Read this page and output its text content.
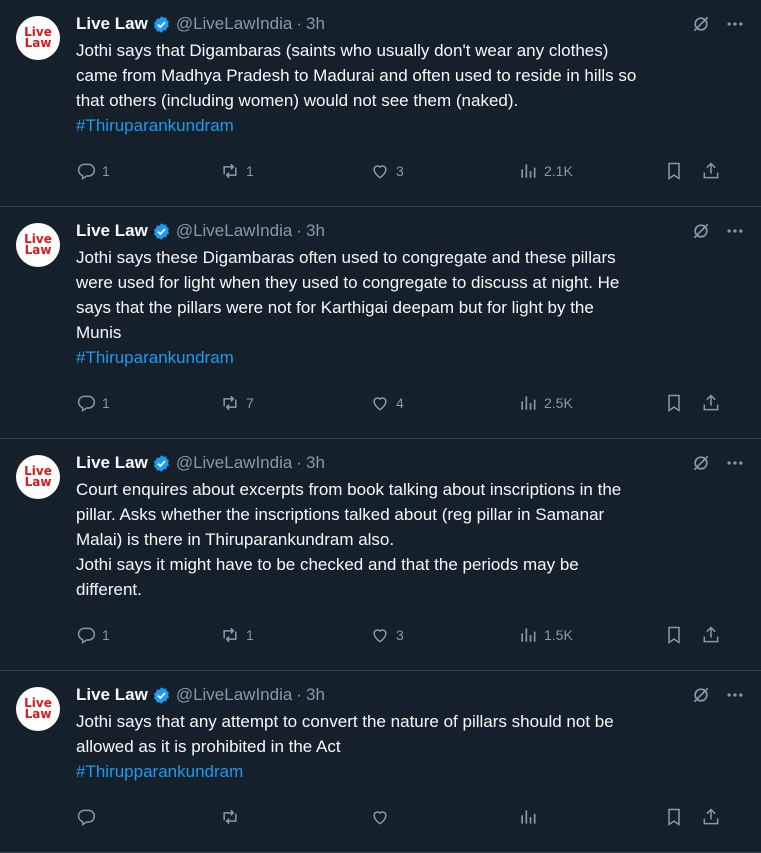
Live
Law
Live Law @LiveLawIndia · 3h
Jothi says that Digambaras (saints who usually don't wear any clothes)
came from Madhya Pradesh to Madurai and often used to reside in hills so
that others (including women) would not see them (naked).
#Thiruparankundram
1	1	3	2.1K
Live
Law
Live Law @LiveLawIndia · 3h
Jothi says these Digambaras often used to congregate and these pillars
were used for light when they used to congregate to discuss at night. He
says that the pillars were not for Karthigai deepam but for light by the
Munis
#Thiruparankundram
1	7	4	2.5K
Live
Law
Live Law @LiveLawIndia · 3h
Court enquires about excerpts from book talking about inscriptions in the
pillar. Asks whether the inscriptions talked about (reg pillar in Samanar
Malai) is there in Thiruparankundram also.
Jothi says it might have to be checked and that the periods may be
different.
1	1	3	1.5K
Live
Law
Live Law @LiveLawIndia · 3h
Jothi says that any attempt to convert the nature of pillars should not be
allowed as it is prohibited in the Act
#Thirupparankundram
